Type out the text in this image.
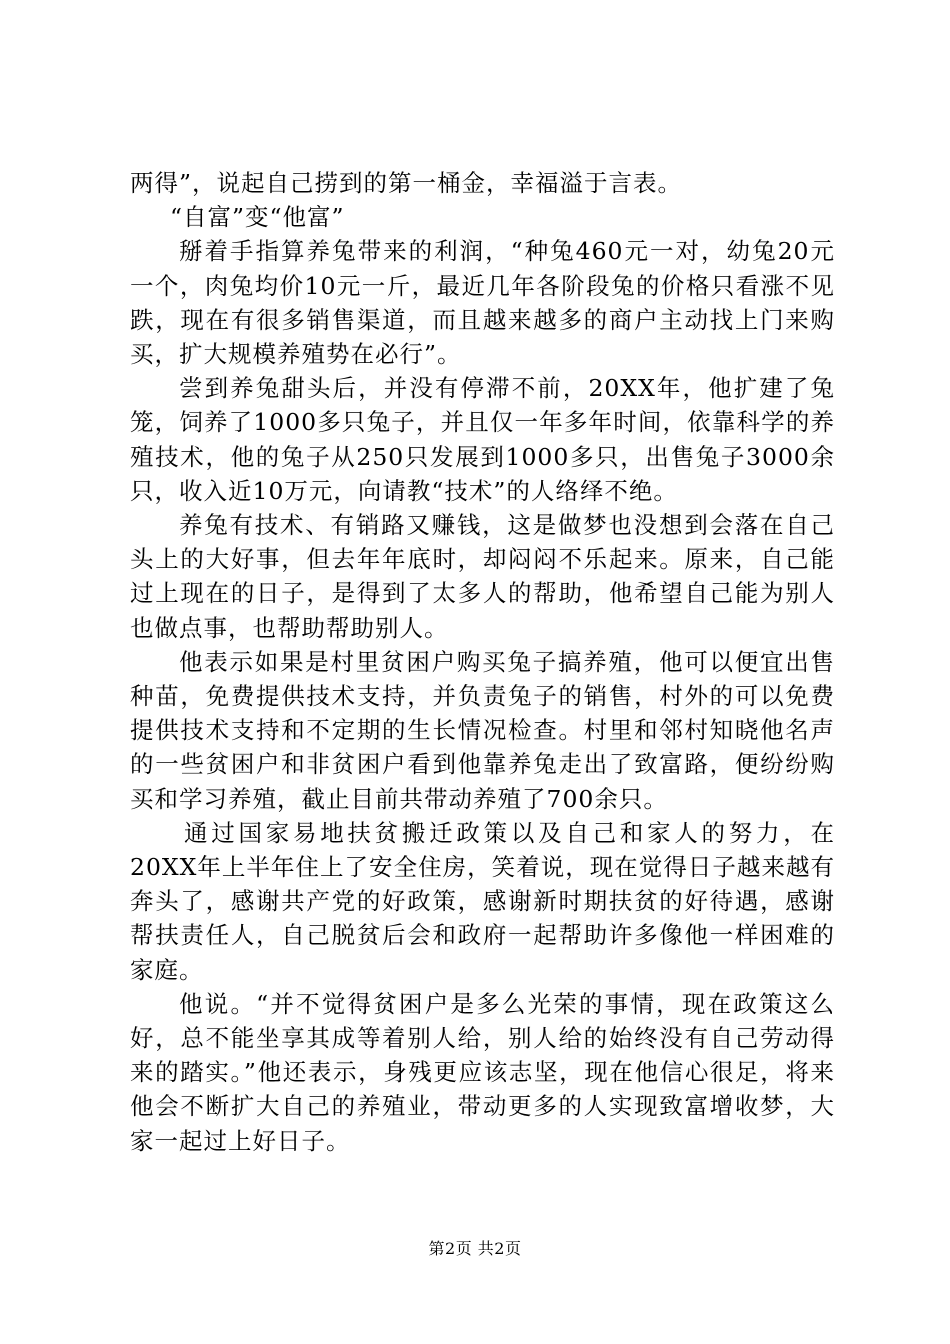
两得”，说起自己捞到的第一桶金，幸福溢于言表。

“自富”变“他富”

掰着手指算养兔带来的利润，“种兔460元一对，幼兔20元一个，肉兔均价10元一斤，最近几年各阶段兔的价格只看涨不见跌，现在有很多销售渠道，而且越来越多的商户主动找上门来购买，扩大规模养殖势在必行”。

尝到养兔甜头后，并没有停滞不前，20XX年，他扩建了兔笼，饲养了1000多只兔子，并且仅一年多年时间，依靠科学的养殖技术，他的兔子从250只发展到1000多只，出售兔子3000余只，收入近10万元，向请教“技术”的人络绎不绝。

养兔有技术、有销路又赚钱，这是做梦也没想到会落在自己头上的大好事，但去年年底时，却闷闷不乐起来。原来，自己能过上现在的日子，是得到了太多人的帮助，他希望自己能为别人也做点事，也帮助帮助别人。

他表示如果是村里贫困户购买兔子搞养殖，他可以便宜出售种苗，免费提供技术支持，并负责兔子的销售，村外的可以免费提供技术支持和不定期的生长情况检查。村里和邻村知晓他名声的一些贫困户和非贫困户看到他靠养兔走出了致富路，便纷纷购买和学习养殖，截止目前共带动养殖了700余只。

通过国家易地扶贫搬迁政策以及自己和家人的努力，在20XX年上半年住上了安全住房，笑着说，现在觉得日子越来越有奔头了，感谢共产党的好政策，感谢新时期扶贫的好待遇，感谢帮扶责任人，自己脱贫后会和政府一起帮助许多像他一样困难的家庭。

他说。“并不觉得贫困户是多么光荣的事情，现在政策这么好，总不能坐享其成等着别人给，别人给的始终没有自己劳动得来的踏实。”他还表示，身残更应该志坚，现在他信心很足，将来他会不断扩大自己的养殖业，带动更多的人实现致富增收梦，大家一起过上好日子。

第2页 共2页
